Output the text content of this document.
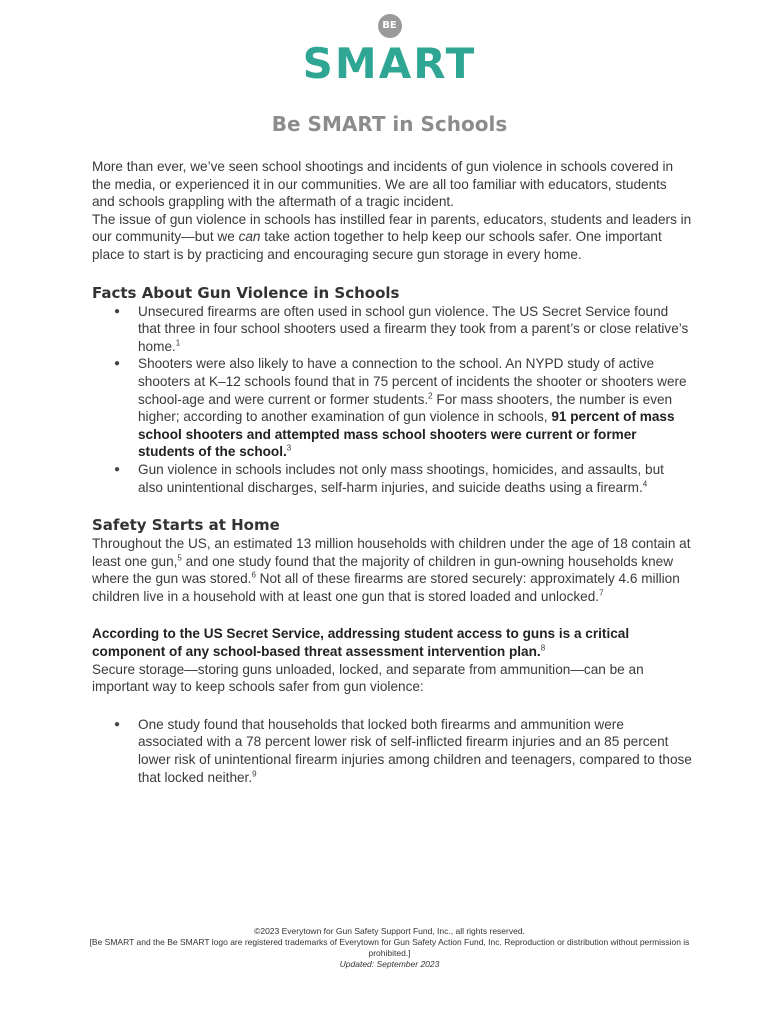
BE
SMART
Be SMART in Schools

More than ever, we’ve seen school shootings and incidents of gun violence in schools covered in the media, or experienced it in our communities. We are all too familiar with educators, students and schools grappling with the aftermath of a tragic incident.

The issue of gun violence in schools has instilled fear in parents, educators, students and leaders in our community—but we can take action together to help keep our schools safer. One important place to start is by practicing and encouraging secure gun storage in every home.

Facts About Gun Violence in Schools
● Unsecured firearms are often used in school gun violence. The US Secret Service found that three in four school shooters used a firearm they took from a parent’s or close relative’s home.$^1$
● Shooters were also likely to have a connection to the school. An NYPD study of active shooters at K–12 schools found that in 75 percent of incidents the shooter or shooters were school-age and were current or former students.$^2$ For mass shooters, the number is even higher; according to another examination of gun violence in schools, 91 percent of mass school shooters and attempted mass school shooters were current or former students of the school.$^3$
● Gun violence in schools includes not only mass shootings, homicides, and assaults, but also unintentional discharges, self-harm injuries, and suicide deaths using a firearm.$^4$
Safety Starts at Home

Throughout the US, an estimated 13 million households with children under the age of 18 contain at least one gun,$^5$ and one study found that the majority of children in gun-owning households knew where the gun was stored.$^6$ Not all of these firearms are stored securely: approximately 4.6 million children live in a household with at least one gun that is stored loaded and unlocked.$^7$

According to the US Secret Service, addressing student access to guns is a critical component of any school-based threat assessment intervention plan.$^8$

Secure storage—storing guns unloaded, locked, and separate from ammunition—can be an important way to keep schools safer from gun violence:

● One study found that households that locked both firearms and ammunition were associated with a 78 percent lower risk of self-inflicted firearm injuries and an 85 percent lower risk of unintentional firearm injuries among children and teenagers, compared to those that locked neither.$^9$
©2023 Everytown for Gun Safety Support Fund, Inc., all rights reserved.
[Be SMART and the Be SMART logo are registered trademarks of Everytown for Gun Safety Action Fund, Inc. Reproduction or distribution without permission is prohibited.]
Updated: September 2023
